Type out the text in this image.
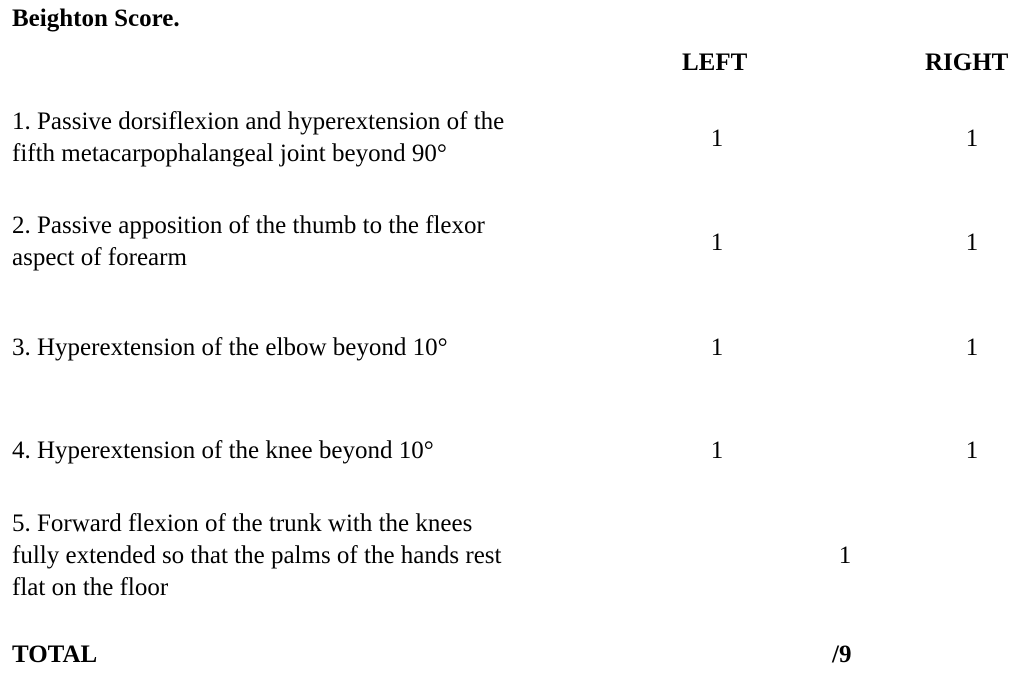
Beighton Score.
LEFT	RIGHT
1. Passive dorsiflexion and hyperextension of the
fifth metacarpophalangeal joint beyond 90°
1	1
2. Passive apposition of the thumb to the flexor
aspect of forearm
1	1
3. Hyperextension of the elbow beyond 10°	1	1
4. Hyperextension of the knee beyond 10°	1	1
5. Forward flexion of the trunk with the knees
fully extended so that the palms of the hands rest
flat on the floor
1
TOTAL	/9
